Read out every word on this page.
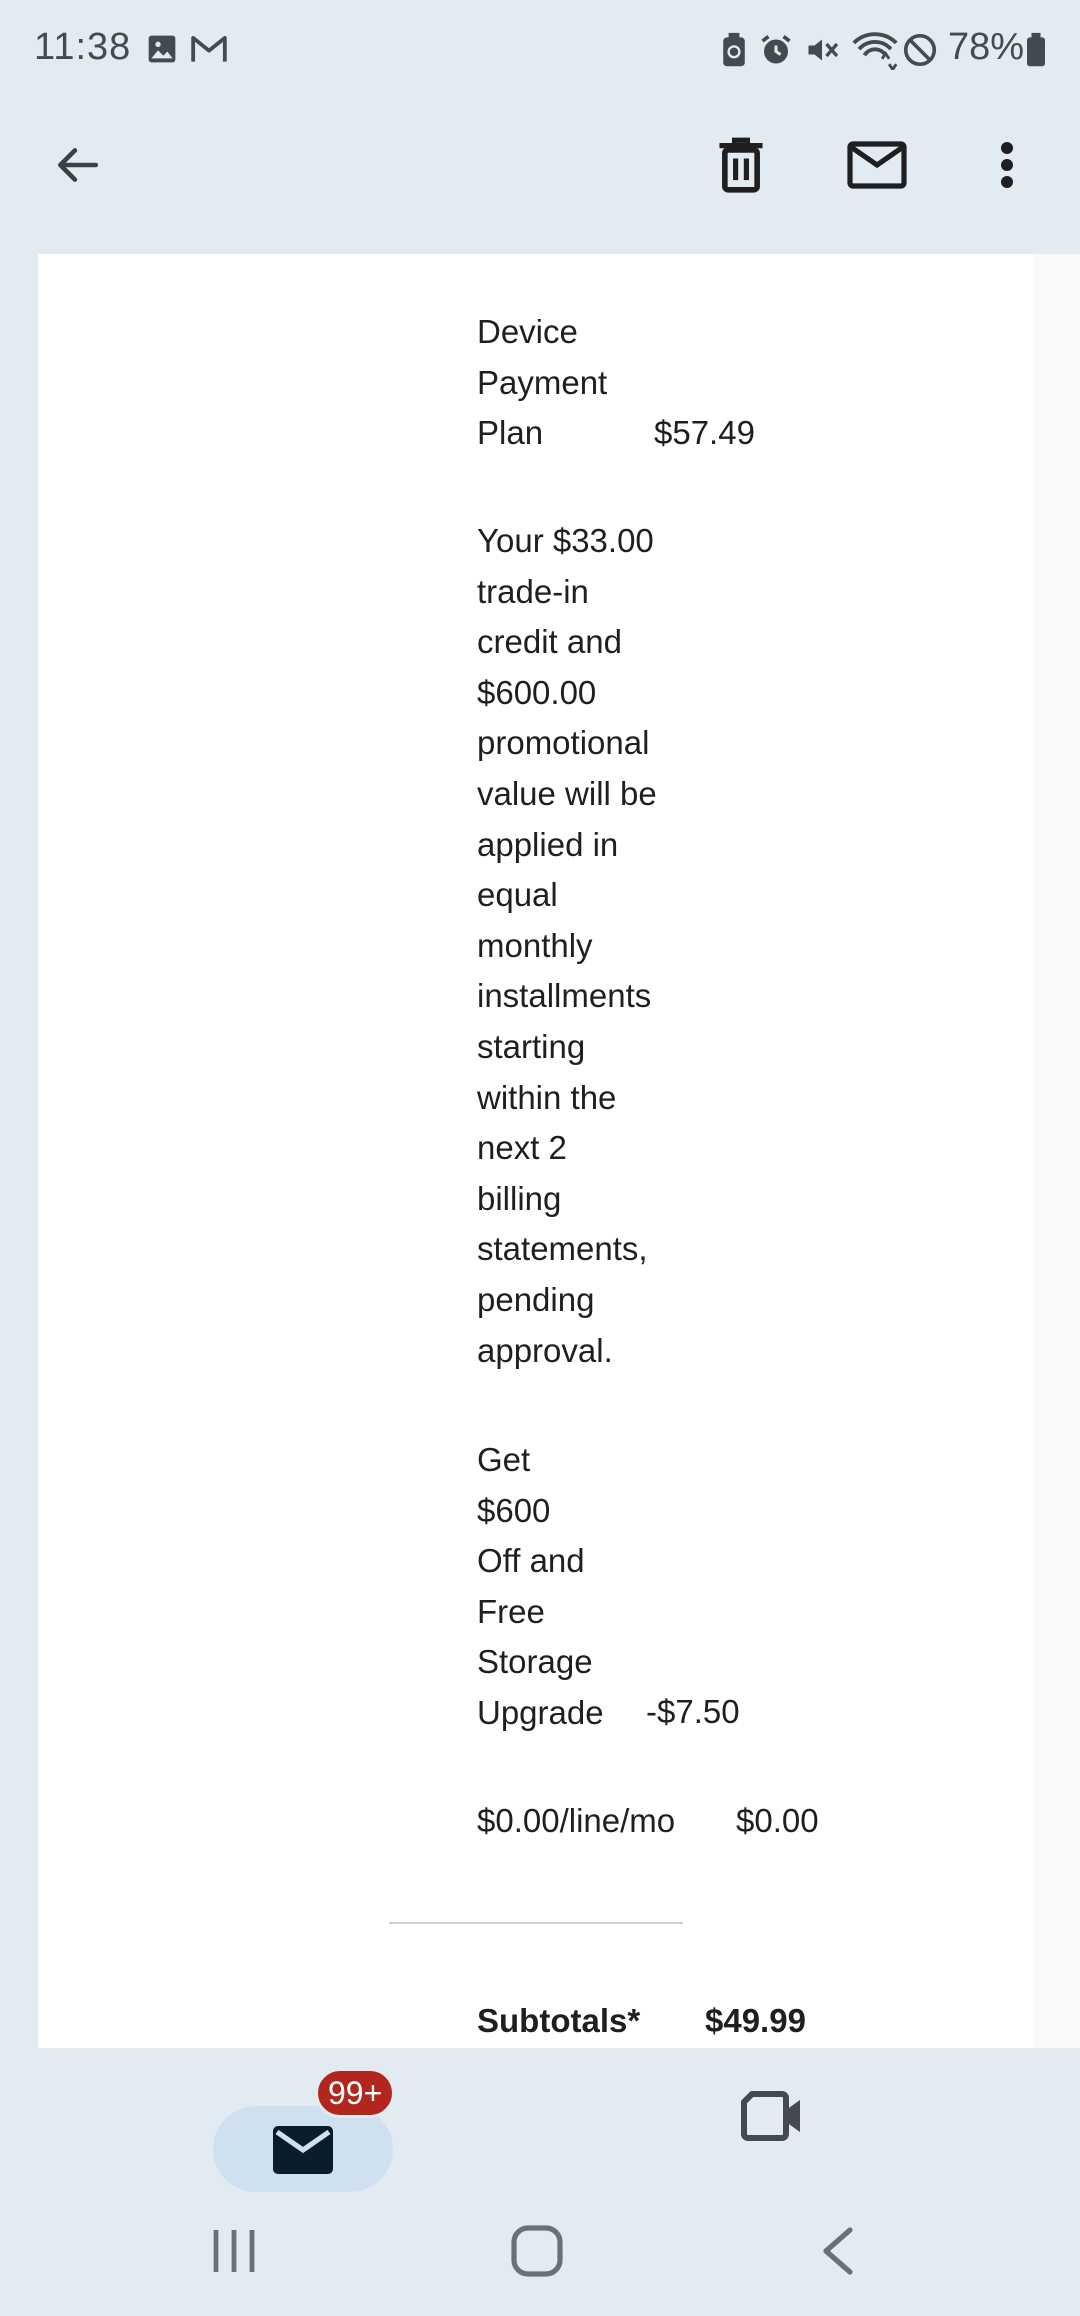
11:38	78%
Device
Payment
Plan	$57.49
Your $33.00
trade-in
credit and
$600.00
promotional
value will be
applied in
equal
monthly
installments
starting
within the
next 2
billing
statements,
pending
approval.
Get
$600
Off and
Free
Storage
Upgrade -$7.50
$0.00/line/mo $0.00
Subtotals* $49.99
99+
